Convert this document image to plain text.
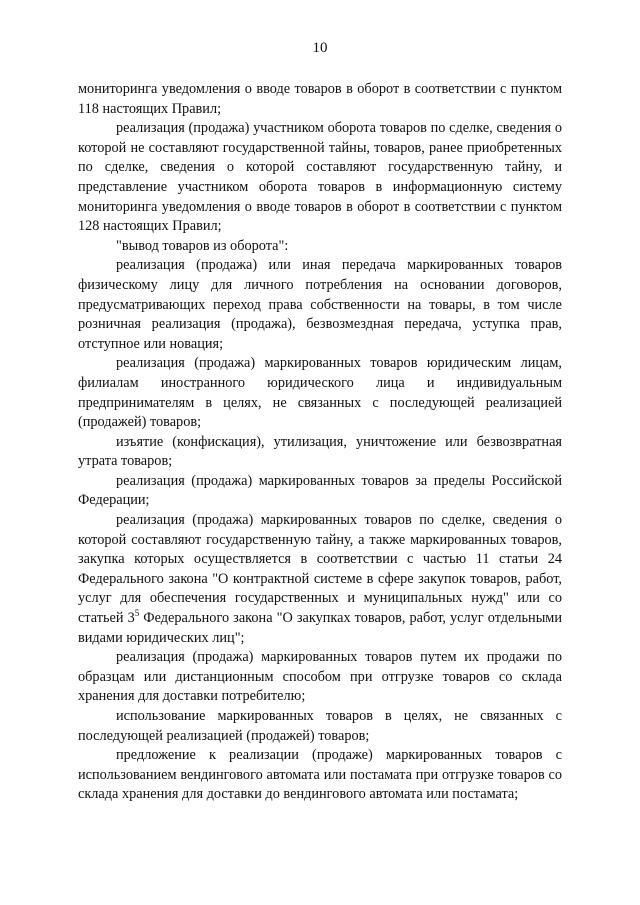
10

мониторинга уведомления о вводе товаров в оборот в соответствии с пунктом 118 настоящих Правил;

реализация (продажа) участником оборота товаров по сделке, сведения о которой не составляют государственной тайны, товаров, ранее приобретенных по сделке, сведения о которой составляют государственную тайну, и представление участником оборота товаров в информационную систему мониторинга уведомления о вводе товаров в оборот в соответствии с пунктом 128 настоящих Правил;

"вывод товаров из оборота":

реализация (продажа) или иная передача маркированных товаров физическому лицу для личного потребления на основании договоров, предусматривающих переход права собственности на товары, в том числе розничная реализация (продажа), безвозмездная передача, уступка прав, отступное или новация;

реализация (продажа) маркированных товаров юридическим лицам, филиалам иностранного юридического лица и индивидуальным предпринимателям в целях, не связанных с последующей реализацией (продажей) товаров;

изъятие (конфискация), утилизация, уничтожение или безвозвратная утрата товаров;

реализация (продажа) маркированных товаров за пределы Российской Федерации;

реализация (продажа) маркированных товаров по сделке, сведения о которой составляют государственную тайну, а также маркированных товаров, закупка которых осуществляется в соответствии с частью 11 статьи 24 Федерального закона "О контрактной системе в сфере закупок товаров, работ, услуг для обеспечения государственных и муниципальных нужд" или со статьей $3^5$ Федерального закона "О закупках товаров, работ, услуг отдельными видами юридических лиц";

реализация (продажа) маркированных товаров путем их продажи по образцам или дистанционным способом при отгрузке товаров со склада хранения для доставки потребителю;

использование маркированных товаров в целях, не связанных с последующей реализацией (продажей) товаров;

предложение к реализации (продаже) маркированных товаров с использованием вендингового автомата или постамата при отгрузке товаров со склада хранения для доставки до вендингового автомата или постамата;
